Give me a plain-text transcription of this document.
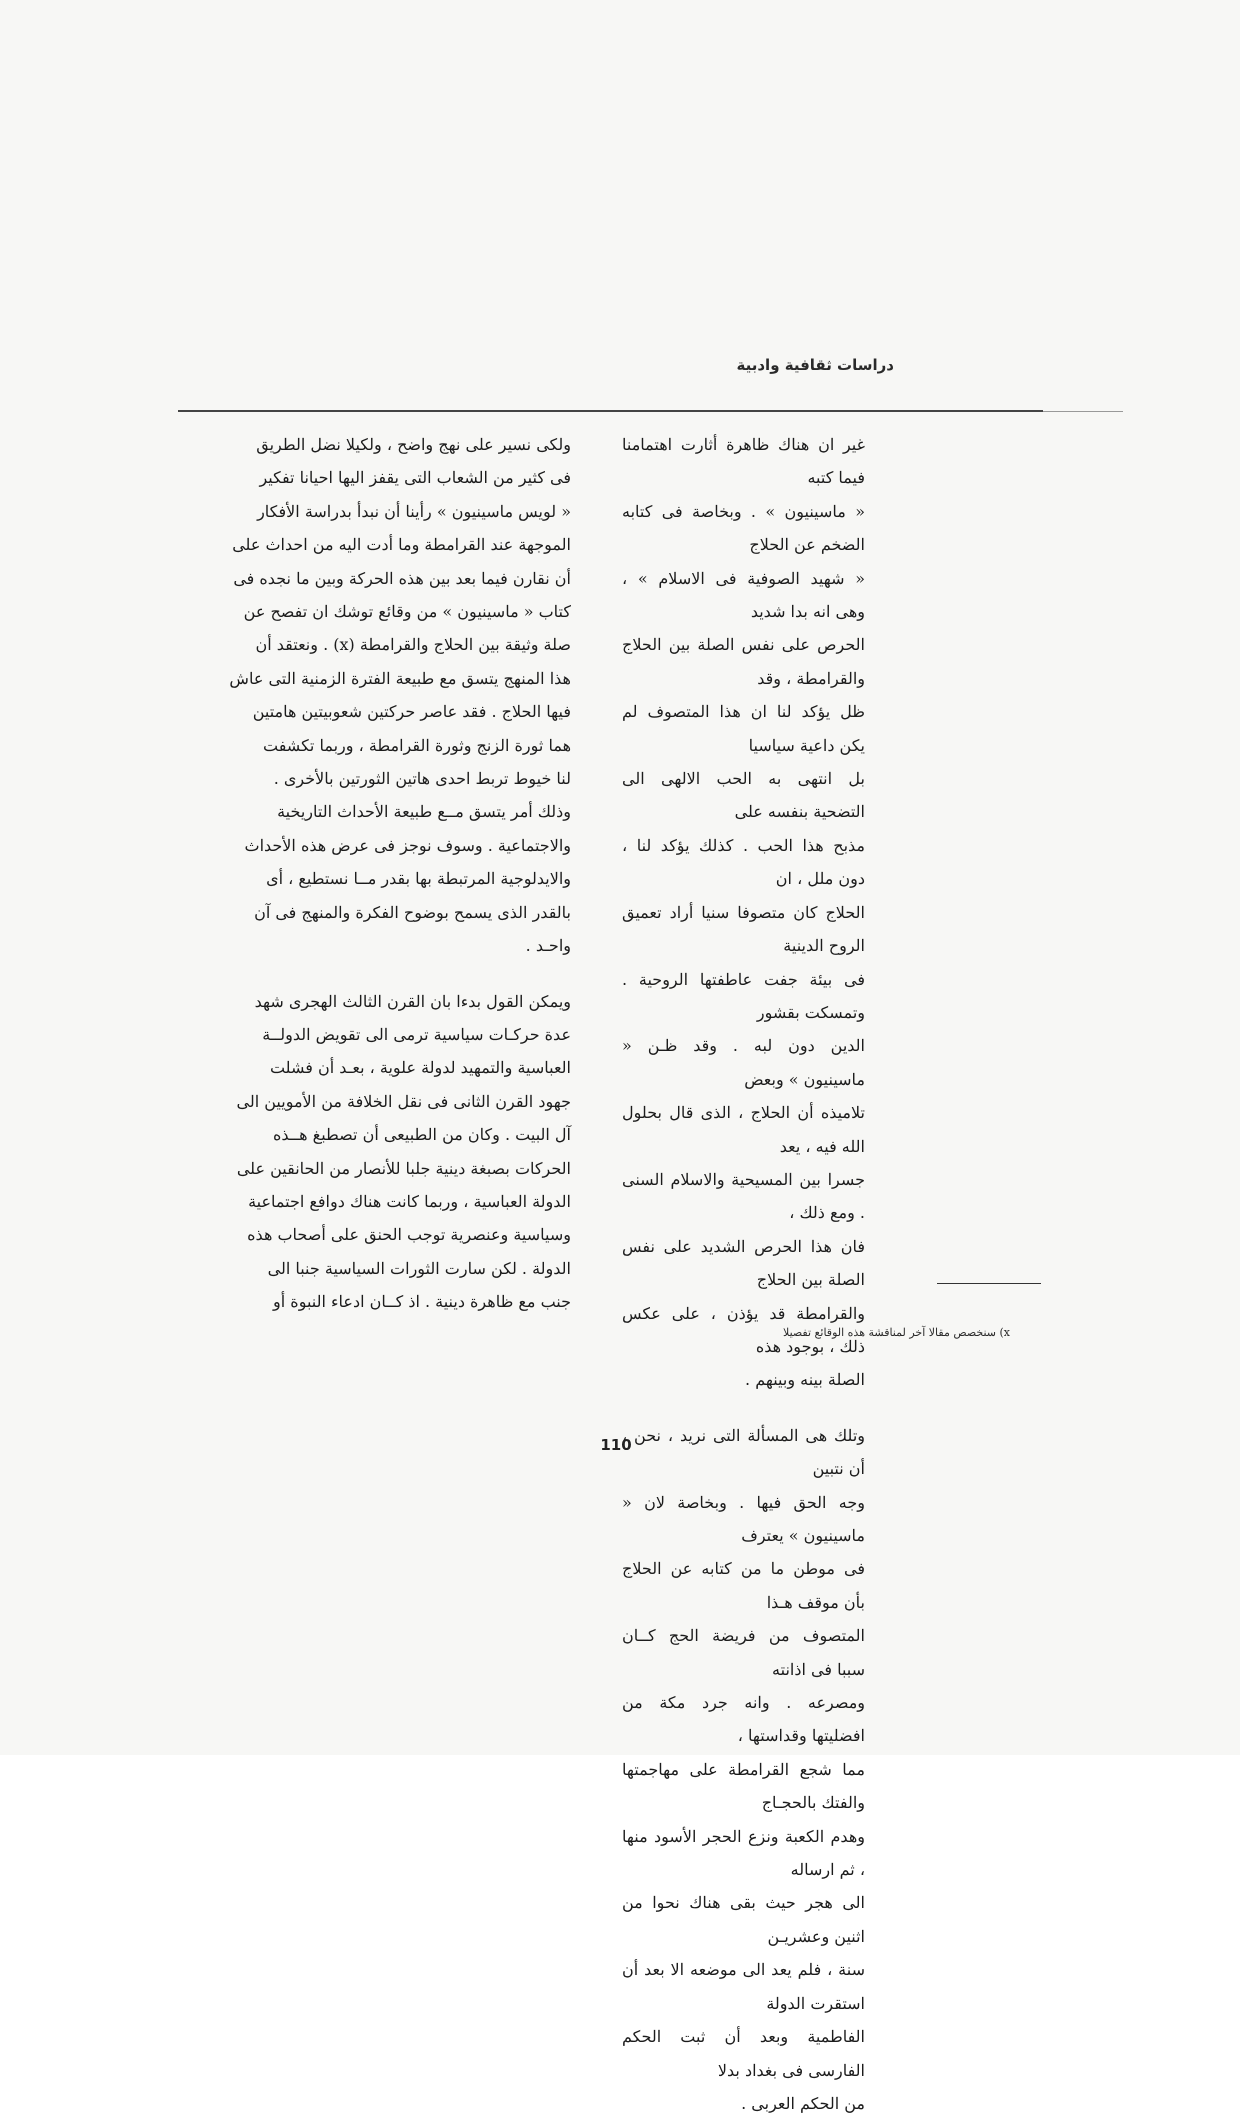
دراسات ثقافية وادبية

غير ان هناك ظاهرة أثارت اهتمامنا فيما كتبه
« ماسينيون » . وبخاصة فى كتابه الضخم عن الحلاج
« شهيد الصوفية فى الاسلام » ، وهى انه بدا شديد
الحرص على نفس الصلة بين الحلاج والقرامطة ، وقد
ظل يؤكد لنا ان هذا المتصوف لم يكن داعية سياسيا
بل انتهى به الحب الالهى الى التضحية بنفسه على
مذبح هذا الحب . كذلك يؤكد لنا ، دون ملل ، ان
الحلاج كان متصوفا سنيا أراد تعميق الروح الدينية
فى بيئة جفت عاطفتها الروحية . وتمسكت بقشور
الدين دون لبه . وقد ظـن « ماسينيون » وبعض
تلاميذه أن الحلاج ، الذى قال بحلول الله فيه ، يعد
جسرا بين المسيحية والاسلام السنى . ومع ذلك ،
فان هذا الحرص الشديد على نفس الصلة بين الحلاج
والقرامطة قد يؤذن ، على عكس ذلك ، بوجود هذه
الصلة بينه وبينهم .

وتلك هى المسألة التى نريد ، نحن ، أن نتبين
وجه الحق فيها . وبخاصة لان « ماسينيون » يعترف
فى موطن ما من كتابه عن الحلاج بأن موقف هـذا
المتصوف من فريضة الحج كــان سببا فى اذانته
ومصرعه . وانه جرد مكة من افضليتها وقداستها ،
مما شجع القرامطة على مهاجمتها والفتك بالحجـاج
وهدم الكعبة ونزع الحجر الأسود منها ، ثم ارساله
الى هجر حيث بقى هناك نحوا من اثنين وعشريـن
سنة ، فلم يعد الى موضعه الا بعد أن استقرت الدولة
الفاطمية وبعد أن ثبت الحكم الفارسى فى بغداد بدلا
من الحكم العربى .

ولكى نسير على نهج واضح ، ولكيلا نضل الطريق
فى كثير من الشعاب التى يقفز اليها احيانا تفكير
« لويس ماسينيون » رأينا أن نبدأ بدراسة الأفكار
الموجهة عند القرامطة وما أدت اليه من احداث على
أن نقارن فيما بعد بين هذه الحركة وبين ما نجده فى
كتاب « ماسينيون » من وقائع توشك ان تفصح عن
صلة وثيقة بين الحلاج والقرامطة (x) . ونعتقد أن
هذا المنهج يتسق مع طبيعة الفترة الزمنية التى عاش
فيها الحلاج . فقد عاصر حركتين شعوبيتين هامتين
هما ثورة الزنج وثورة القرامطة ، وربما تكشفت
لنا خيوط تربط احدى هاتين الثورتين بالأخرى .
وذلك أمر يتسق مــع طبيعة الأحداث التاريخية
والاجتماعية . وسوف نوجز فى عرض هذه الأحداث
والايدلوجية المرتبطة بها بقدر مــا نستطيع ، أى
بالقدر الذى يسمح بوضوح الفكرة والمنهج فى آن
واحـد .

ويمكن القول بدءا بان القرن الثالث الهجرى شهد
عدة حركـات سياسية ترمى الى تقويض الدولــة
العباسية والتمهيد لدولة علوية ، بعـد أن فشلت
جهود القرن الثانى فى نقل الخلافة من الأمويين الى
آل البيت . وكان من الطبيعى أن تصطبغ هــذه
الحركات بصبغة دينية جلبا للأنصار من الحانقين على
الدولة العباسية ، وربما كانت هناك دوافع اجتماعية
وسياسية وعنصرية توجب الحنق على أصحاب هذه
الدولة . لكن سارت الثورات السياسية جنبا الى
جنب مع ظاهرة دينية . اذ كــان ادعاء النبوة أو

x) سنخصص مقالا آخر لمناقشة هذه الوقائع تفصيلا
110
